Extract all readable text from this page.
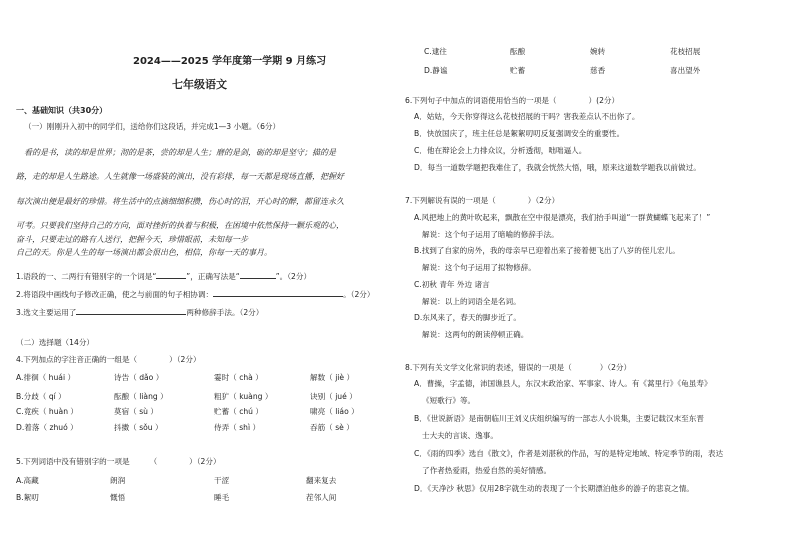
2024——2025 学年度第一学期 9 月练习
七年级语文
一、基础知识（共30分）
（一）刚刚升入初中的同学们，送给你们这段话，并完成1—3 小题。（6分）
看的是书，读的却是世界；沏的是茶，尝的却是人生；磨的是剑，砺的却是坚守；描的是
路，走的却是人生路途。人生就像一场盛装的演出，没有彩排，每一天都是现场直播，把握好
每次演出便是最好的珍惜。将生活中的点滴细细积攒，伤心时的泪，开心时的醉，都留连永久
可考。只要我们坚持自己的方向，面对挫折的执着与积极，在困境中依然保持一颗乐观的心，
奋斗，只要走过的路有人送行，把握今天，珍惜眼前，未知每一步
自己的天。你是人生的每一场演出都会很出色，相信，你每一天的事月。
1.语段的一、二两行有错别字的一个词是“	”，正确写法是“	”。（2分）
2.将语段中画线句子修改正确，使之与前面的句子相协调：	。（2分）
3.选文主要运用了	两种修辞手法。（2分）
（二）选择题（14分）
4.下列加点的字注音正确的一组是（	）（2分）
A.徘徊（ huái ）	诗告（ dǎo ）	霎时（ chà ）	解数（ jiè ）
B.分歧（ qí ）	酝酿（ liàng ）	粗犷（ kuàng ）	诀别（ jué ）
C.竟疾（ huàn ）	莫宿（ sù ）	贮蓄（ chú ）	啸亮（ liáo ）
D.着落（ zhuó ）	抖擞（ sǒu ）	侍弄（ shì ）	吞筋（ sè ）
5.下列词语中没有错别字的一项是	（	）（2分）
A.高藏	朗润	干涩	翻来复去
B.絮叨	慨悟	睡毛	茬邻人间
C.逮往	酝酿	婉转	花枝招展
D.静谧	贮蓄	慈香	喜出望外
6.下列句子中加点的词语使用恰当的一项是（	）(2分）
A．姑姑，今天你穿得这么花枝招展的干吗？害我差点认不出你了。
B．快放国庆了，班主任总是絮絮叨叨反复强调安全的重要性。
C．他在辩论会上力排众议，分析透彻，咄咄逼人。
D．每当一道数学题把我难住了，我就会恍然大悟，哦，原来这道数学题我以前做过。
7.下列解说有误的一项是（	）（2分）
A.风把地上的黄叶吹起来，飘散在空中很是漂亮，我们抬手叫道“一群黄蝴蝶飞起来了！”
解说：这个句子运用了暗喻的修辞手法。
B.找到了自家的房外，我的母亲早已迎着出来了接着便飞出了八岁的侄儿宏儿。
解说：这个句子运用了拟物修辞。
C.初秋 青年 外边 诸言
解说：以上的词语全是名词。
D.东风来了，春天的脚步近了。
解说：这两句的朗读停顿正确。
8.下列有关文学文化常识的表述，错误的一项是（	）（2分）
A．曹操，字孟德，沛国谯县人，东汉末政治家、军事家、诗人。有《蒿里行》《龟虽寿》
《短歌行》等。
B．《世说新语》是南朝临川王刘义庆组织编写的一部志人小说集，主要记载汉末至东晋
士大夫的言谈、逸事。
C．《雨的四季》选自《散文》，作者是刘湛秋的作品，写的是特定地域、特定季节的雨，表达
了作者热爱雨，热爱自然的美好情感。
D．《天净沙 秋思》仅用28字就生动的表现了一个长期漂泊他乡的游子的悲哀之情。
